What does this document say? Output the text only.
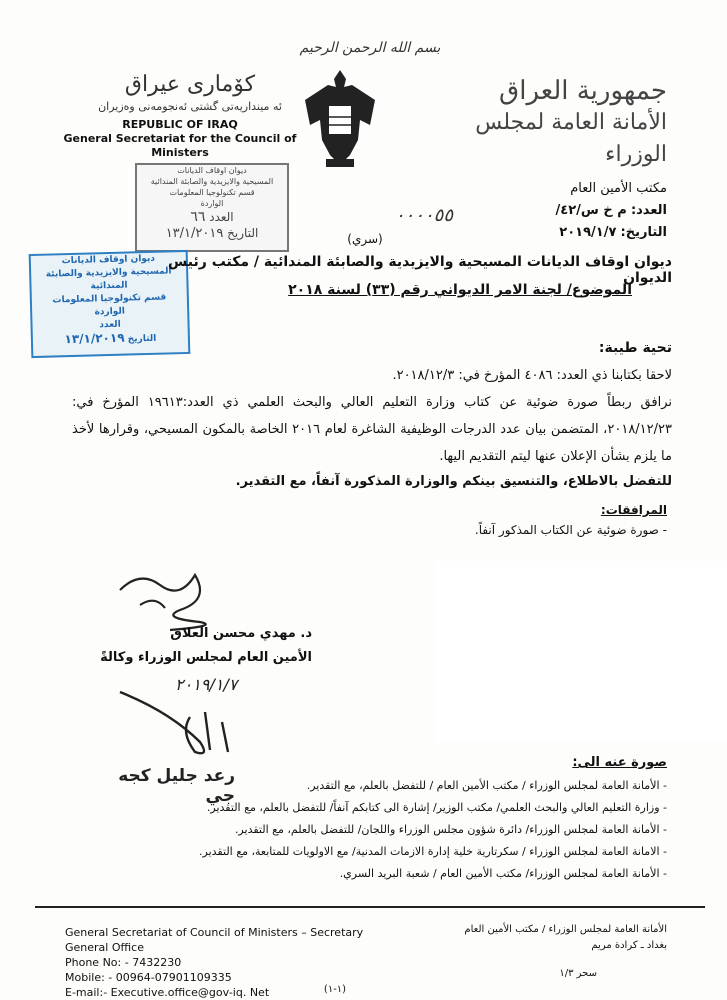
بسم الله الرحمن الرحيم
جمهورية العراق
الأمانة العامة لمجلس الوزراء
كۆماری عیراق
ئه‌ مینداریه‌تی گشتی ئه‌نجومه‌نی وه‌زیران
REPUBLIC OF IRAQ
General Secretariat for the Council of Ministers
ديوان اوقاف الديانات
المسيحية والايزيدية والصابئة المندائية
قسم تكنولوجيا المعلومات
الواردة
العدد ٦٦
التاريخ ١٣/١/٢٠١٩
ديوان اوقاف الديانات
المسيحية والايزيدية والصابئة المندائية
قسم تكنولوجيا المعلومات
الواردة
العدد
التاريخ ١٣/١/٢٠١٩
مكتب الأمين العام
العدد: م خ س/٤٢/
التاريخ: ٢٠١٩/١/٧
٠٠٠٠٥٥
(سري)
ديوان اوقاف الديانات المسيحية والايزيدية والصابئة المندائية / مكتب رئيس الديوان
الموضوع/ لجنة الامر الديواني رقم (٣٣) لسنة ٢٠١٨
تحية طيبة:
لاحقا بكتابنا ذي العدد: ٤٠٨٦ المؤرخ في: ٢٠١٨/١٢/٣.
نرافق ربطاً صورة ضوئية عن كتاب وزارة التعليم العالي والبحث العلمي ذي العدد:١٩٦١٣ المؤرخ في: ٢٠١٨/١٢/٢٣، المتضمن بيان عدد الدرجات الوظيفية الشاغرة لعام ٢٠١٦ الخاصة بالمكون المسيحي، وقرارها لأخذ ما يلزم بشأن الإعلان عنها ليتم التقديم اليها.
للتفضل بالاطلاع، والتنسيق بينكم والوزارة المذكورة آنفاً، مع التقدير.
المرافقات:
- صورة ضوئية عن الكتاب المذكور آنفاً.
د. مهدي محسن العلاق
الأمين العام لمجلس الوزراء وكالةً
٢٠١٩/١/٧
صورة عنه الى:
- الأمانة العامة لمجلس الوزراء / مكتب الأمين العام / للتفضل بالعلم، مع التقدير.
- وزارة التعليم العالي والبحث العلمي/ مكتب الوزير/ إشارة الى كتابكم آنفاً/ للتفضل بالعلم، مع التقدير.
- الأمانة العامة لمجلس الوزراء/ دائرة شؤون مجلس الوزراء واللجان/ للتفضل بالعلم، مع التقدير.
- الامانة العامة لمجلس الوزراء / سكرتارية خلية إدارة الازمات المدنية/ مع الاولويات للمتابعة، مع التقدير.
- الأمانة العامة لمجلس الوزراء/ مكتب الأمين العام / شعبة البريد السري.
رعد جليل كجه جي
General Secretariat of Council of Ministers – Secretary General Office
Phone No: - 7432230
Mobile: - 00964-07901109335
E-mail:- Executive.office@gov-iq. Net
الأمانة العامة لمجلس الوزراء / مكتب الأمين العام
بغداد ـ كرادة مريم
سحر ١/٣
(١-١)
